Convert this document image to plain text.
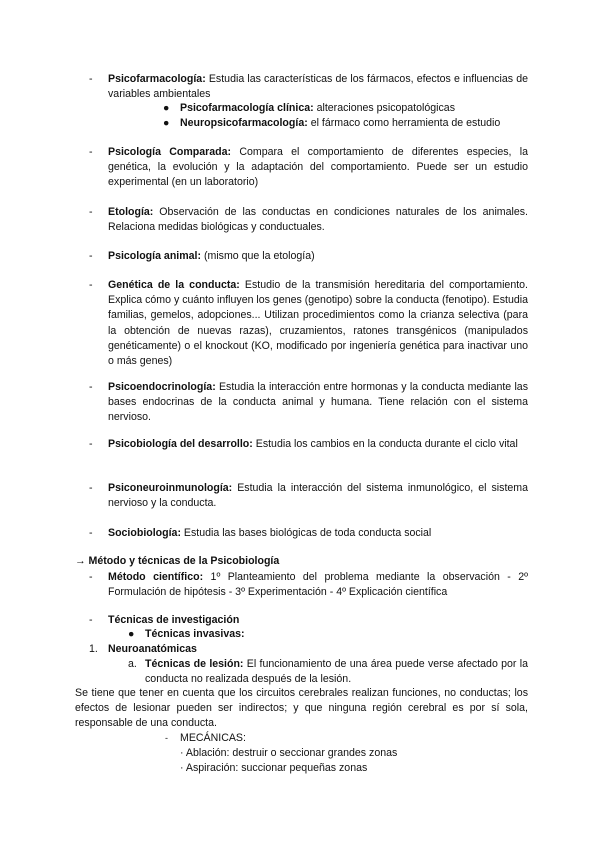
- Psicofarmacología: Estudia las características de los fármacos, efectos e influencias de variables ambientales
● Psicofarmacología clínica: alteraciones psicopatológicas
● Neuropsicofarmacología: el fármaco como herramienta de estudio
- Psicología Comparada: Compara el comportamiento de diferentes especies, la genética, la evolución y la adaptación del comportamiento. Puede ser un estudio experimental (en un laboratorio)
- Etología: Observación de las conductas en condiciones naturales de los animales. Relaciona medidas biológicas y conductuales.
- Psicología animal: (mismo que la etología)
- Genética de la conducta: Estudio de la transmisión hereditaria del comportamiento. Explica cómo y cuánto influyen los genes (genotipo) sobre la conducta (fenotipo). Estudia familias, gemelos, adopciones... Utilizan procedimientos como la crianza selectiva (para la obtención de nuevas razas), cruzamientos, ratones transgénicos (manipulados genéticamente) o el knockout (KO, modificado por ingeniería genética para inactivar uno o más genes)
- Psicoendocrinología: Estudia la interacción entre hormonas y la conducta mediante las bases endocrinas de la conducta animal y humana. Tiene relación con el sistema nervioso.
- Psicobiología del desarrollo: Estudia los cambios en la conducta durante el ciclo vital
- Psiconeuroinmunología: Estudia la interacción del sistema inmunológico, el sistema nervioso y la conducta.
- Sociobiología: Estudia las bases biológicas de toda conducta social
→ Método y técnicas de la Psicobiología
- Método científico: 1º Planteamiento del problema mediante la observación - 2º Formulación de hipótesis - 3º Experimentación - 4º Explicación científica
- Técnicas de investigación
● Técnicas invasivas:
1. Neuroanatómicas
a. Técnicas de lesión: El funcionamiento de una área puede verse afectado por la conducta no realizada después de la lesión.
Se tiene que tener en cuenta que los circuitos cerebrales realizan funciones, no conductas; los efectos de lesionar pueden ser indirectos; y que ninguna región cerebral es por sí sola, responsable de una conducta.
- MECÁNICAS:
· Ablación: destruir o seccionar grandes zonas
· Aspiración: succionar pequeñas zonas
